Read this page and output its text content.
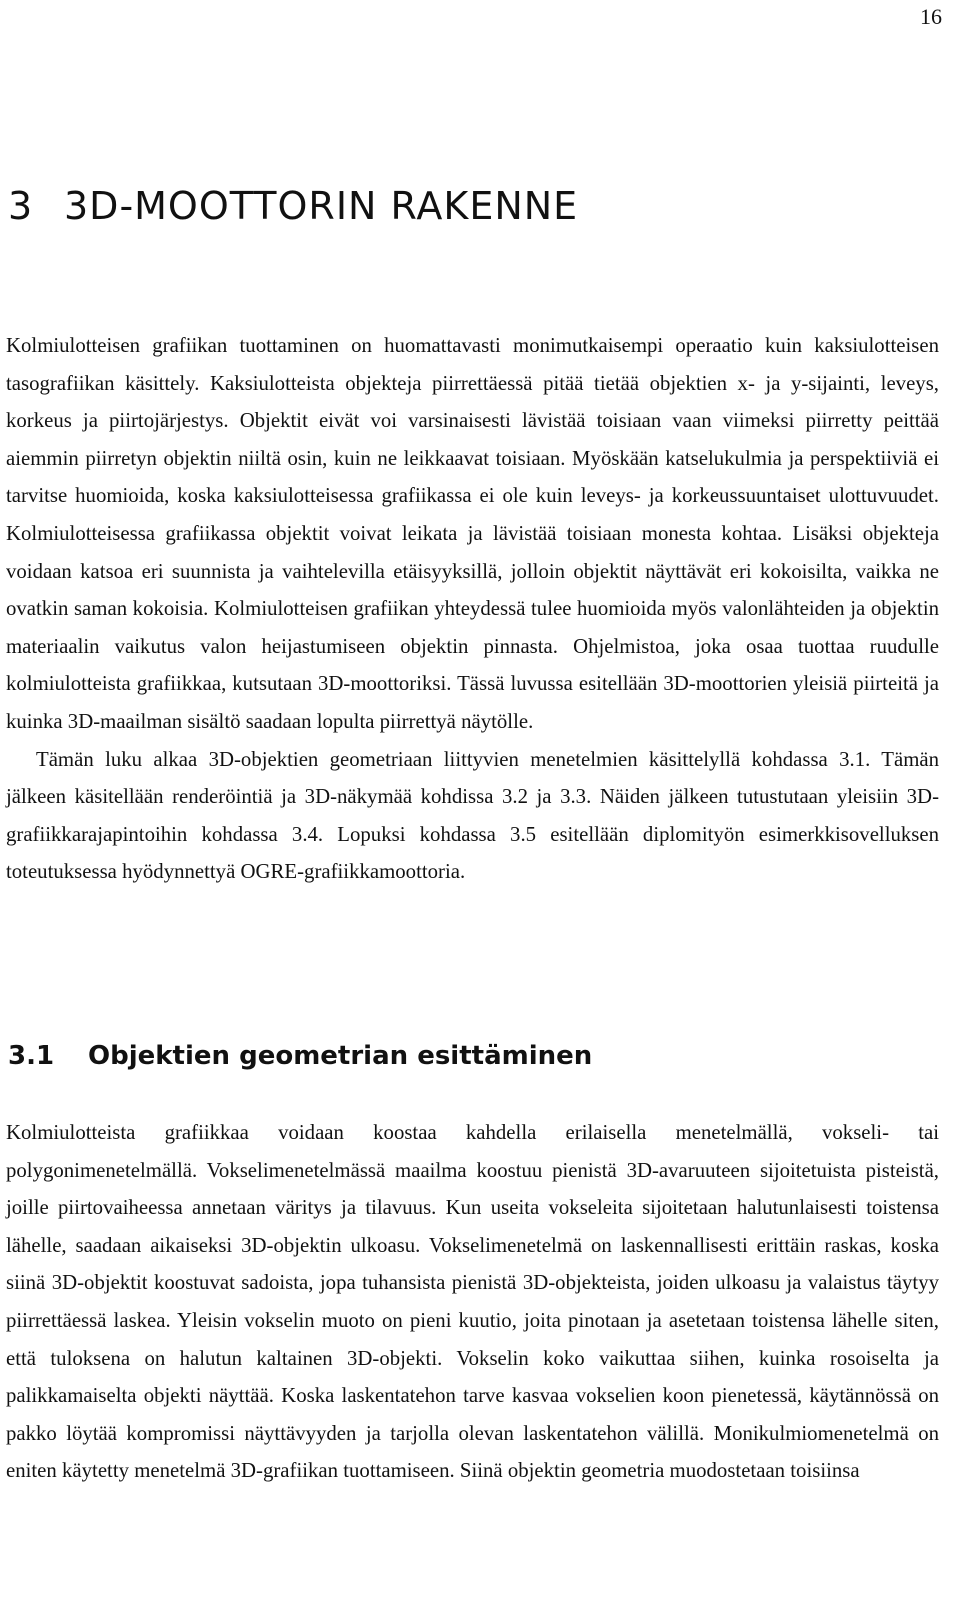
16
3 3D-MOOTTORIN RAKENNE

Kolmiulotteisen grafiikan tuottaminen on huomattavasti monimutkaisempi operaatio kuin kaksiulotteisen tasografiikan käsittely. Kaksiulotteista objekteja piirrettäessä pitää tietää objektien x- ja y-sijainti, leveys, korkeus ja piirtojärjestys. Objektit eivät voi varsinaisesti lävistää toisiaan vaan viimeksi piirretty peittää aiemmin piirretyn objektin niiltä osin, kuin ne leikkaavat toisiaan. Myöskään katselukulmia ja perspektiiviä ei tarvitse huomioida, koska kaksiulotteisessa grafiikassa ei ole kuin leveys- ja korkeussuuntaiset ulottuvuudet. Kolmiulotteisessa grafiikassa objektit voivat leikata ja lävistää toisiaan monesta kohtaa. Lisäksi objekteja voidaan katsoa eri suunnista ja vaihtelevilla etäisyyksillä, jolloin objektit näyttävät eri kokoisilta, vaikka ne ovatkin saman kokoisia. Kolmiulotteisen grafiikan yhteydessä tulee huomioida myös valonlähteiden ja objektin materiaalin vaikutus valon heijastumiseen objektin pinnasta. Ohjelmistoa, joka osaa tuottaa ruudulle kolmiulotteista grafiikkaa, kutsutaan 3D-moottoriksi. Tässä luvussa esitellään 3D-moottorien yleisiä piirteitä ja kuinka 3D-maailman sisältö saadaan lopulta piirrettyä näytölle.

Tämän luku alkaa 3D-objektien geometriaan liittyvien menetelmien käsittelyllä kohdassa 3.1. Tämän jälkeen käsitellään renderöintiä ja 3D-näkymää kohdissa 3.2 ja 3.3. Näiden jälkeen tutustutaan yleisiin 3D-grafiikkarajapintoihin kohdassa 3.4. Lopuksi kohdassa 3.5 esitellään diplomityön esimerkkisovelluksen toteutuksessa hyödynnettyä OGRE-grafiikkamoottoria.

3.1 Objektien geometrian esittäminen

Kolmiulotteista grafiikkaa voidaan koostaa kahdella erilaisella menetelmällä, vokseli- tai polygonimenetelmällä. Vokselimenetelmässä maailma koostuu pienistä 3D-avaruuteen sijoitetuista pisteistä, joille piirtovaiheessa annetaan väritys ja tilavuus. Kun useita vokseleita sijoitetaan halutunlaisesti toistensa lähelle, saadaan aikaiseksi 3D-objektin ulkoasu. Vokselimenetelmä on laskennallisesti erittäin raskas, koska siinä 3D-objektit koostuvat sadoista, jopa tuhansista pienistä 3D-objekteista, joiden ulkoasu ja valaistus täytyy piirrettäessä laskea. Yleisin vokselin muoto on pieni kuutio, joita pinotaan ja asetetaan toistensa lähelle siten, että tuloksena on halutun kaltainen 3D-objekti. Vokselin koko vaikuttaa siihen, kuinka rosoiselta ja palikkamaiselta objekti näyttää. Koska laskentatehon tarve kasvaa vokselien koon pienetessä, käytännössä on pakko löytää kompromissi näyttävyyden ja tarjolla olevan laskentatehon välillä. Monikulmiomenetelmä on eniten käytetty menetelmä 3D-grafiikan tuottamiseen. Siinä objektin geometria muodostetaan toisiinsa
